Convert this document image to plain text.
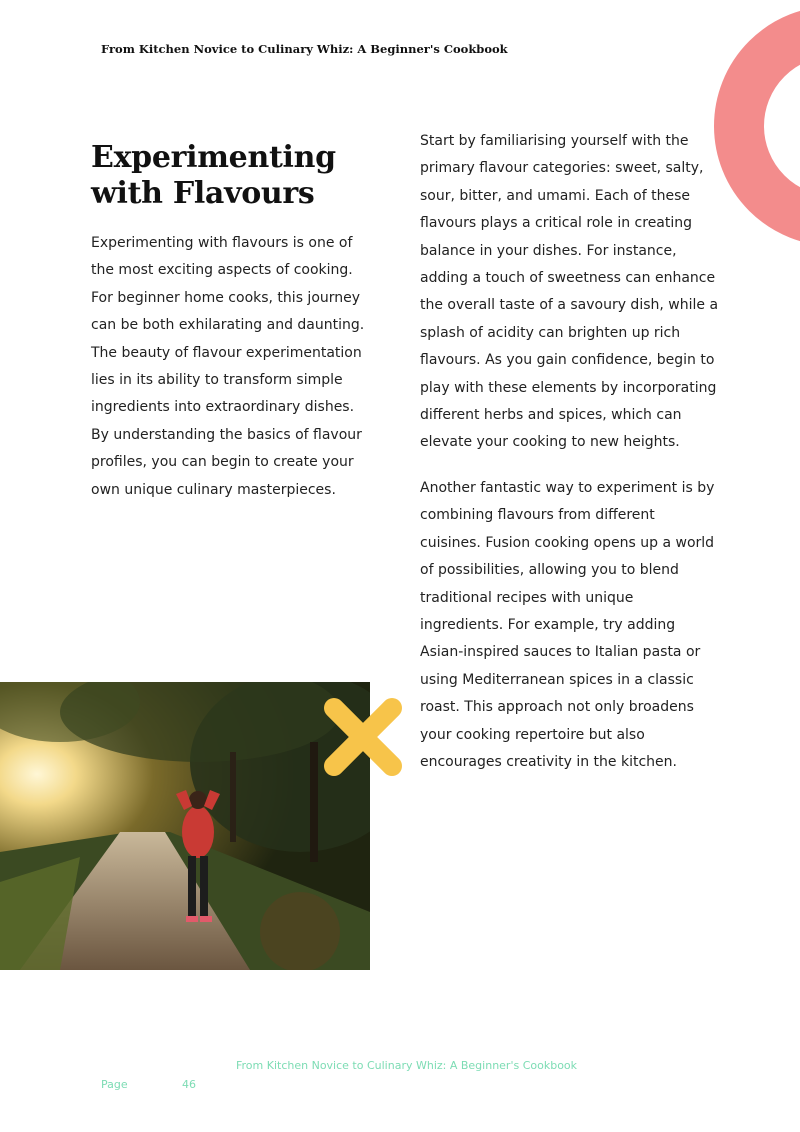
From Kitchen Novice to Culinary Whiz: A Beginner's Cookbook
Experimenting with Flavours

Experimenting with flavours is one of the most exciting aspects of cooking. For beginner home cooks, this journey can be both exhilarating and daunting. The beauty of flavour experimentation lies in its ability to transform simple ingredients into extraordinary dishes. By understanding the basics of flavour profiles, you can begin to create your own unique culinary masterpieces.

Start by familiarising yourself with the primary flavour categories: sweet, salty, sour, bitter, and umami. Each of these flavours plays a critical role in creating balance in your dishes. For instance, adding a touch of sweetness can enhance the overall taste of a savoury dish, while a splash of acidity can brighten up rich flavours. As you gain confidence, begin to play with these elements by incorporating different herbs and spices, which can elevate your cooking to new heights.

Another fantastic way to experiment is by combining flavours from different cuisines. Fusion cooking opens up a world of possibilities, allowing you to blend traditional recipes with unique ingredients. For example, try adding Asian-inspired sauces to Italian pasta or using Mediterranean spices in a classic roast. This approach not only broadens your cooking repertoire but also encourages creativity in the kitchen.

From Kitchen Novice to Culinary Whiz: A Beginner's Cookbook
Page	46
